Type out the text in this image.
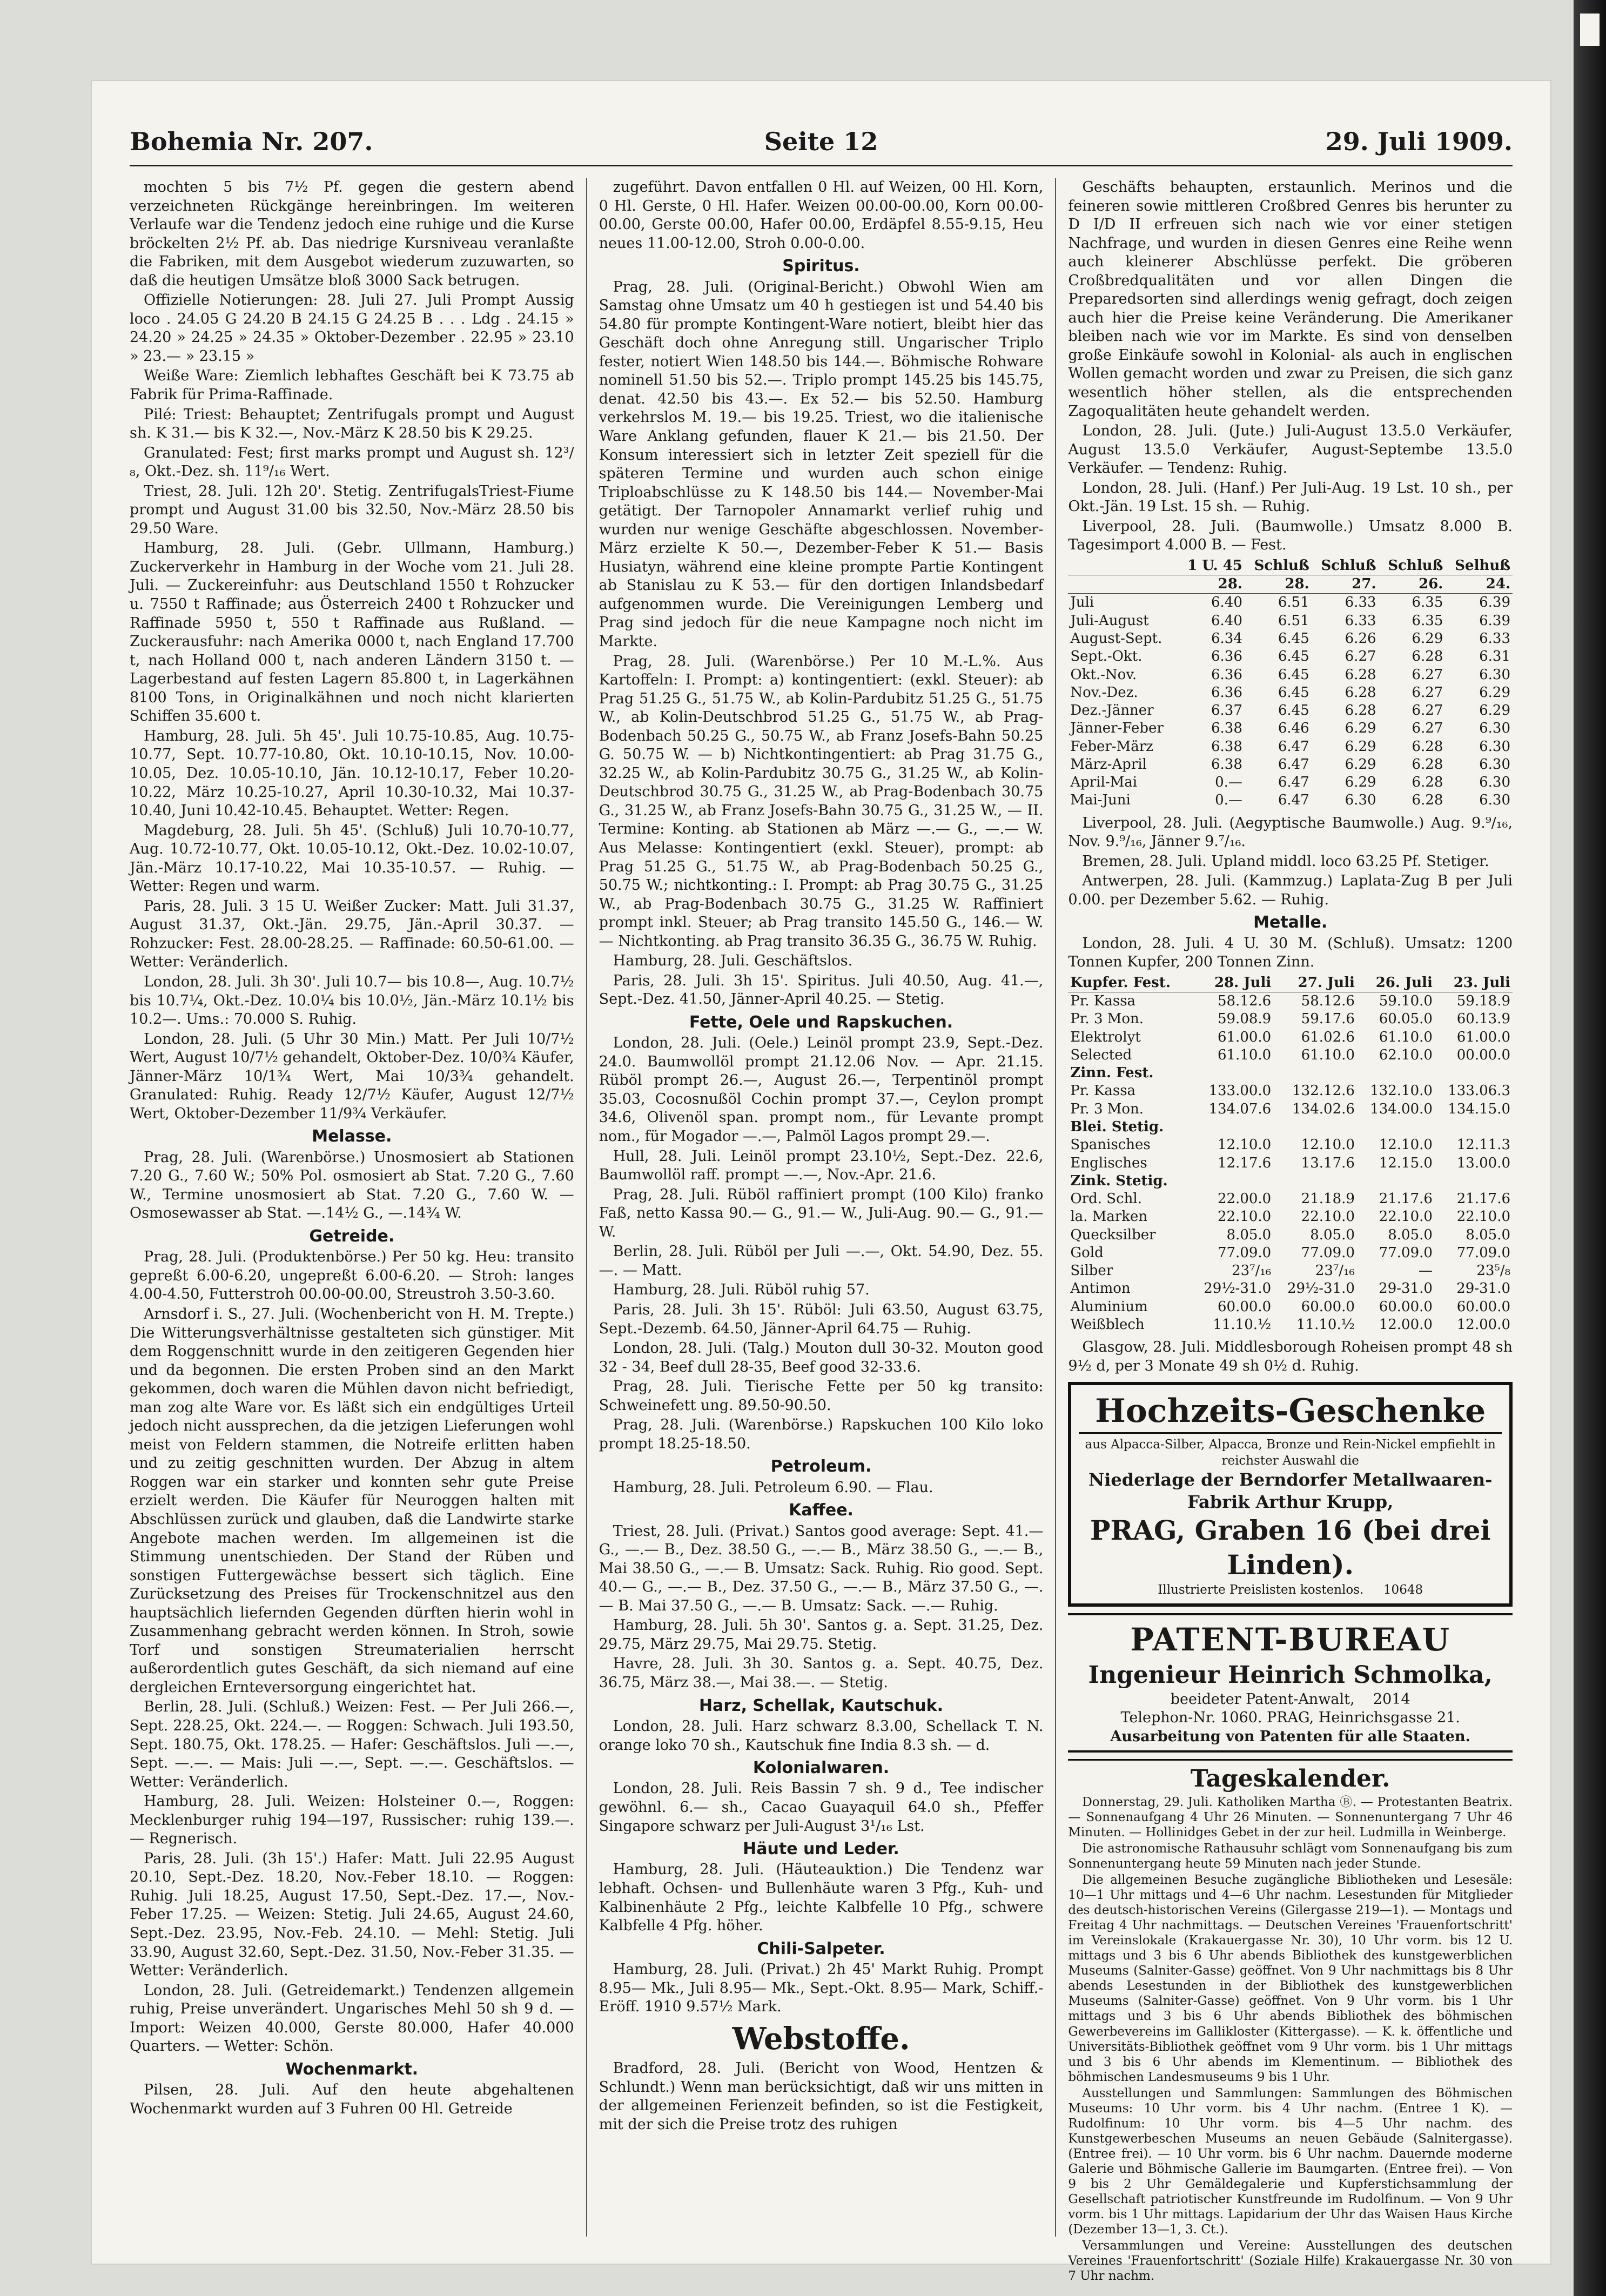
Bohemia Nr. 207.	Seite 12	29. Juli 1909.

mochten 5 bis 7½ Pf. gegen die gestern abend verzeichneten Rückgänge hereinbringen. Im weiteren Verlaufe war die Tendenz jedoch eine ruhige und die Kurse bröckelten 2½ Pf. ab. Das niedrige Kursniveau veranlaßte die Fabriken, mit dem Ausgebot wiederum zuzuwarten, so daß die heutigen Umsätze bloß 3000 Sack betrugen.

Offizielle Notierungen: 28. Juli 27. Juli Prompt Aussig loco . 24.05 G 24.20 B 24.15 G 24.25 B . . . Ldg . 24.15 » 24.20 » 24.25 » 24.35 » Oktober-Dezember . 22.95 » 23.10 » 23.— » 23.15 »

Weiße Ware: Ziemlich lebhaftes Geschäft bei K 73.75 ab Fabrik für Prima-Raffinade.

Pilé: Triest: Behauptet; Zentrifugals prompt und August sh. K 31.— bis K 32.—, Nov.-März K 28.50 bis K 29.25.

Granulated: Fest; first marks prompt und August sh. 12³/₈, Okt.-Dez. sh. 11⁹/₁₆ Wert.

Triest, 28. Juli. 12h 20'. Stetig. ZentrifugalsTriest-Fiume prompt und August 31.00 bis 32.50, Nov.-März 28.50 bis 29.50 Ware.

Hamburg, 28. Juli. (Gebr. Ullmann, Hamburg.) Zuckerverkehr in Hamburg in der Woche vom 21. Juli 28. Juli. — Zuckereinfuhr: aus Deutschland 1550 t Rohzucker u. 7550 t Raffinade; aus Österreich 2400 t Rohzucker und Raffinade 5950 t, 550 t Raffinade aus Rußland. — Zuckerausfuhr: nach Amerika 0000 t, nach England 17.700 t, nach Holland 000 t, nach anderen Ländern 3150 t. — Lagerbestand auf festen Lagern 85.800 t, in Lagerkähnen 8100 Tons, in Originalkähnen und noch nicht klarierten Schiffen 35.600 t.

Hamburg, 28. Juli. 5h 45'. Juli 10.75-10.85, Aug. 10.75-10.77, Sept. 10.77-10.80, Okt. 10.10-10.15, Nov. 10.00-10.05, Dez. 10.05-10.10, Jän. 10.12-10.17, Feber 10.20-10.22, März 10.25-10.27, April 10.30-10.32, Mai 10.37-10.40, Juni 10.42-10.45. Behauptet. Wetter: Regen.

Magdeburg, 28. Juli. 5h 45'. (Schluß) Juli 10.70-10.77, Aug. 10.72-10.77, Okt. 10.05-10.12, Okt.-Dez. 10.02-10.07, Jän.-März 10.17-10.22, Mai 10.35-10.57. — Ruhig. — Wetter: Regen und warm.

Paris, 28. Juli. 3 15 U. Weißer Zucker: Matt. Juli 31.37, August 31.37, Okt.-Jän. 29.75, Jän.-April 30.37. — Rohzucker: Fest. 28.00-28.25. — Raffinade: 60.50-61.00. — Wetter: Veränderlich.

London, 28. Juli. 3h 30'. Juli 10.7— bis 10.8—, Aug. 10.7½ bis 10.7¼, Okt.-Dez. 10.0¼ bis 10.0½, Jän.-März 10.1½ bis 10.2—. Ums.: 70.000 S. Ruhig.

London, 28. Juli. (5 Uhr 30 Min.) Matt. Per Juli 10/7½ Wert, August 10/7½ gehandelt, Oktober-Dez. 10/0¾ Käufer, Jänner-März 10/1¾ Wert, Mai 10/3¾ gehandelt. Granulated: Ruhig. Ready 12/7½ Käufer, August 12/7½ Wert, Oktober-Dezember 11/9¾ Verkäufer.

Melasse.

Prag, 28. Juli. (Warenbörse.) Unosmosiert ab Stationen 7.20 G., 7.60 W.; 50% Pol. osmosiert ab Stat. 7.20 G., 7.60 W., Termine unosmosiert ab Stat. 7.20 G., 7.60 W. — Osmosewasser ab Stat. —.14½ G., —.14¾ W.

Getreide.

Prag, 28. Juli. (Produktenbörse.) Per 50 kg. Heu: transito gepreßt 6.00-6.20, ungepreßt 6.00-6.20. — Stroh: langes 4.00-4.50, Futterstroh 00.00-00.00, Streustroh 3.50-3.60.

Arnsdorf i. S., 27. Juli. (Wochenbericht von H. M. Trepte.) Die Witterungsverhältnisse gestalteten sich günstiger. Mit dem Roggenschnitt wurde in den zeitigeren Gegenden hier und da begonnen. Die ersten Proben sind an den Markt gekommen, doch waren die Mühlen davon nicht befriedigt, man zog alte Ware vor. Es läßt sich ein endgültiges Urteil jedoch nicht aussprechen, da die jetzigen Lieferungen wohl meist von Feldern stammen, die Notreife erlitten haben und zu zeitig geschnitten wurden. Der Abzug in altem Roggen war ein starker und konnten sehr gute Preise erzielt werden. Die Käufer für Neuroggen halten mit Abschlüssen zurück und glauben, daß die Landwirte starke Angebote machen werden. Im allgemeinen ist die Stimmung unentschieden. Der Stand der Rüben und sonstigen Futtergewächse bessert sich täglich. Eine Zurücksetzung des Preises für Trockenschnitzel aus den hauptsächlich liefernden Gegenden dürften hierin wohl in Zusammenhang gebracht werden können. In Stroh, sowie Torf und sonstigen Streumaterialien herrscht außerordentlich gutes Geschäft, da sich niemand auf eine dergleichen Ernteversorgung eingerichtet hat.

Berlin, 28. Juli. (Schluß.) Weizen: Fest. — Per Juli 266.—, Sept. 228.25, Okt. 224.—. — Roggen: Schwach. Juli 193.50, Sept. 180.75, Okt. 178.25. — Hafer: Geschäftslos. Juli —.—, Sept. —.—. — Mais: Juli —.—, Sept. —.—. Geschäftslos. — Wetter: Veränderlich.

Hamburg, 28. Juli. Weizen: Holsteiner 0.—, Roggen: Mecklenburger ruhig 194—197, Russischer: ruhig 139.—. — Regnerisch.

Paris, 28. Juli. (3h 15'.) Hafer: Matt. Juli 22.95 August 20.10, Sept.-Dez. 18.20, Nov.-Feber 18.10. — Roggen: Ruhig. Juli 18.25, August 17.50, Sept.-Dez. 17.—, Nov.-Feber 17.25. — Weizen: Stetig. Juli 24.65, August 24.60, Sept.-Dez. 23.95, Nov.-Feb. 24.10. — Mehl: Stetig. Juli 33.90, August 32.60, Sept.-Dez. 31.50, Nov.-Feber 31.35. — Wetter: Veränderlich.

London, 28. Juli. (Getreidemarkt.) Tendenzen allgemein ruhig, Preise unverändert. Ungarisches Mehl 50 sh 9 d. — Import: Weizen 40.000, Gerste 80.000, Hafer 40.000 Quarters. — Wetter: Schön.

Wochenmarkt.

Pilsen, 28. Juli. Auf den heute abgehaltenen Wochenmarkt wurden auf 3 Fuhren 00 Hl. Getreide

zugeführt. Davon entfallen 0 Hl. auf Weizen, 00 Hl. Korn, 0 Hl. Gerste, 0 Hl. Hafer. Weizen 00.00-00.00, Korn 00.00-00.00, Gerste 00.00, Hafer 00.00, Erdäpfel 8.55-9.15, Heu neues 11.00-12.00, Stroh 0.00-0.00.

Spiritus.

Prag, 28. Juli. (Original-Bericht.) Obwohl Wien am Samstag ohne Umsatz um 40 h gestiegen ist und 54.40 bis 54.80 für prompte Kontingent-Ware notiert, bleibt hier das Geschäft doch ohne Anregung still. Ungarischer Triplo fester, notiert Wien 148.50 bis 144.—. Böhmische Rohware nominell 51.50 bis 52.—. Triplo prompt 145.25 bis 145.75, denat. 42.50 bis 43.—. Ex 52.— bis 52.50. Hamburg verkehrslos M. 19.— bis 19.25. Triest, wo die italienische Ware Anklang gefunden, flauer K 21.— bis 21.50. Der Konsum interessiert sich in letzter Zeit speziell für die späteren Termine und wurden auch schon einige Triploabschlüsse zu K 148.50 bis 144.— November-Mai getätigt. Der Tarnopoler Annamarkt verlief ruhig und wurden nur wenige Geschäfte abgeschlossen. November-März erzielte K 50.—, Dezember-Feber K 51.— Basis Husiatyn, während eine kleine prompte Partie Kontingent ab Stanislau zu K 53.— für den dortigen Inlandsbedarf aufgenommen wurde. Die Vereinigungen Lemberg und Prag sind jedoch für die neue Kampagne noch nicht im Markte.

Prag, 28. Juli. (Warenbörse.) Per 10 M.-L.%. Aus Kartoffeln: I. Prompt: a) kontingentiert: (exkl. Steuer): ab Prag 51.25 G., 51.75 W., ab Kolin-Pardubitz 51.25 G., 51.75 W., ab Kolin-Deutschbrod 51.25 G., 51.75 W., ab Prag-Bodenbach 50.25 G., 50.75 W., ab Franz Josefs-Bahn 50.25 G. 50.75 W. — b) Nichtkontingentiert: ab Prag 31.75 G., 32.25 W., ab Kolin-Pardubitz 30.75 G., 31.25 W., ab Kolin-Deutschbrod 30.75 G., 31.25 W., ab Prag-Bodenbach 30.75 G., 31.25 W., ab Franz Josefs-Bahn 30.75 G., 31.25 W., — II. Termine: Konting. ab Stationen ab März —.— G., —.— W. Aus Melasse: Kontingentiert (exkl. Steuer), prompt: ab Prag 51.25 G., 51.75 W., ab Prag-Bodenbach 50.25 G., 50.75 W.; nichtkonting.: I. Prompt: ab Prag 30.75 G., 31.25 W., ab Prag-Bodenbach 30.75 G., 31.25 W. Raffiniert prompt inkl. Steuer; ab Prag transito 145.50 G., 146.— W. — Nichtkonting. ab Prag transito 36.35 G., 36.75 W. Ruhig.

Hamburg, 28. Juli. Geschäftslos.

Paris, 28. Juli. 3h 15'. Spiritus. Juli 40.50, Aug. 41.—, Sept.-Dez. 41.50, Jänner-April 40.25. — Stetig.

Fette, Oele und Rapskuchen.

London, 28. Juli. (Oele.) Leinöl prompt 23.9, Sept.-Dez. 24.0. Baumwollöl prompt 21.12.06 Nov. — Apr. 21.15. Rüböl prompt 26.—, August 26.—, Terpentinöl prompt 35.03, Cocosnußöl Cochin prompt 37.—, Ceylon prompt 34.6, Olivenöl span. prompt nom., für Levante prompt nom., für Mogador —.—, Palmöl Lagos prompt 29.—.

Hull, 28. Juli. Leinöl prompt 23.10½, Sept.-Dez. 22.6, Baumwollöl raff. prompt —.—, Nov.-Apr. 21.6.

Prag, 28. Juli. Rüböl raffiniert prompt (100 Kilo) franko Faß, netto Kassa 90.— G., 91.— W., Juli-Aug. 90.— G., 91.— W.

Berlin, 28. Juli. Rüböl per Juli —.—, Okt. 54.90, Dez. 55.—. — Matt.

Hamburg, 28. Juli. Rüböl ruhig 57.

Paris, 28. Juli. 3h 15'. Rüböl: Juli 63.50, August 63.75, Sept.-Dezemb. 64.50, Jänner-April 64.75 — Ruhig.

London, 28. Juli. (Talg.) Mouton dull 30-32. Mouton good 32 - 34, Beef dull 28-35, Beef good 32-33.6.

Prag, 28. Juli. Tierische Fette per 50 kg transito: Schweinefett ung. 89.50-90.50.

Prag, 28. Juli. (Warenbörse.) Rapskuchen 100 Kilo loko prompt 18.25-18.50.

Petroleum.

Hamburg, 28. Juli. Petroleum 6.90. — Flau.

Kaffee.

Triest, 28. Juli. (Privat.) Santos good average: Sept. 41.— G., —.— B., Dez. 38.50 G., —.— B., März 38.50 G., —.— B., Mai 38.50 G., —.— B. Umsatz: Sack. Ruhig. Rio good. Sept. 40.— G., —.— B., Dez. 37.50 G., —.— B., März 37.50 G., —.— B. Mai 37.50 G., —.— B. Umsatz: Sack. —.— Ruhig.

Hamburg, 28. Juli. 5h 30'. Santos g. a. Sept. 31.25, Dez. 29.75, März 29.75, Mai 29.75. Stetig.

Havre, 28. Juli. 3h 30. Santos g. a. Sept. 40.75, Dez. 36.75, März 38.—, Mai 38.—. — Stetig.

Harz, Schellak, Kautschuk.

London, 28. Juli. Harz schwarz 8.3.00, Schellack T. N. orange loko 70 sh., Kautschuk fine India 8.3 sh. — d.

Kolonialwaren.

London, 28. Juli. Reis Bassin 7 sh. 9 d., Tee indischer gewöhnl. 6.— sh., Cacao Guayaquil 64.0 sh., Pfeffer Singapore schwarz per Juli-August 3¹/₁₆ Lst.

Häute und Leder.

Hamburg, 28. Juli. (Häuteauktion.) Die Tendenz war lebhaft. Ochsen- und Bullenhäute waren 3 Pfg., Kuh- und Kalbinenhäute 2 Pfg., leichte Kalbfelle 10 Pfg., schwere Kalbfelle 4 Pfg. höher.

Chili-Salpeter.

Hamburg, 28. Juli. (Privat.) 2h 45' Markt Ruhig. Prompt 8.95— Mk., Juli 8.95— Mk., Sept.-Okt. 8.95— Mark, Schiff.-Eröff. 1910 9.57½ Mark.

Webstoffe.

Bradford, 28. Juli. (Bericht von Wood, Hentzen & Schlundt.) Wenn man berücksichtigt, daß wir uns mitten in der allgemeinen Ferienzeit befinden, so ist die Festigkeit, mit der sich die Preise trotz des ruhigen

Geschäfts behaupten, erstaunlich. Merinos und die feineren sowie mittleren Croßbred Genres bis herunter zu D I/D II erfreuen sich nach wie vor einer stetigen Nachfrage, und wurden in diesen Genres eine Reihe wenn auch kleinerer Abschlüsse perfekt. Die gröberen Croßbredqualitäten und vor allen Dingen die Preparedsorten sind allerdings wenig gefragt, doch zeigen auch hier die Preise keine Veränderung. Die Amerikaner bleiben nach wie vor im Markte. Es sind von denselben große Einkäufe sowohl in Kolonial- als auch in englischen Wollen gemacht worden und zwar zu Preisen, die sich ganz wesentlich höher stellen, als die entsprechenden Zagoqualitäten heute gehandelt werden.

London, 28. Juli. (Jute.) Juli-August 13.5.0 Verkäufer, August 13.5.0 Verkäufer, August-Septembe 13.5.0 Verkäufer. — Tendenz: Ruhig.

London, 28. Juli. (Hanf.) Per Juli-Aug. 19 Lst. 10 sh., per Okt.-Jän. 19 Lst. 15 sh. — Ruhig.

Liverpool, 28. Juli. (Baumwolle.) Umsatz 8.000 B. Tagesimport 4.000 B. — Fest.

	1 U. 45	Schluß	Schluß	Schluß	Selhuß
	28.	28.	27.	26.	24.
Juli	6.40	6.51	6.33	6.35	6.39
Juli-August	6.40	6.51	6.33	6.35	6.39
August-Sept.	6.34	6.45	6.26	6.29	6.33
Sept.-Okt.	6.36	6.45	6.27	6.28	6.31
Okt.-Nov.	6.36	6.45	6.28	6.27	6.30
Nov.-Dez.	6.36	6.45	6.28	6.27	6.29
Dez.-Jänner	6.37	6.45	6.28	6.27	6.29
Jänner-Feber	6.38	6.46	6.29	6.27	6.30
Feber-März	6.38	6.47	6.29	6.28	6.30
März-April	6.38	6.47	6.29	6.28	6.30
April-Mai	0.—	6.47	6.29	6.28	6.30
Mai-Juni	0.—	6.47	6.30	6.28	6.30

Liverpool, 28. Juli. (Aegyptische Baumwolle.) Aug. 9.⁹/₁₆, Nov. 9.⁹/₁₆, Jänner 9.⁷/₁₆.

Bremen, 28. Juli. Upland middl. loco 63.25 Pf. Stetiger.

Antwerpen, 28. Juli. (Kammzug.) Laplata-Zug B per Juli 0.00. per Dezember 5.62. — Ruhig.

Metalle.

London, 28. Juli. 4 U. 30 M. (Schluß). Umsatz: 1200 Tonnen Kupfer, 200 Tonnen Zinn.

Kupfer. Fest.	28. Juli	27. Juli	26. Juli	23. Juli
Pr. Kassa	58.12.6	58.12.6	59.10.0	59.18.9
Pr. 3 Mon.	59.08.9	59.17.6	60.05.0	60.13.9
Elektrolyt	61.00.0	61.02.6	61.10.0	61.00.0
Selected	61.10.0	61.10.0	62.10.0	00.00.0
Zinn. Fest.				
Pr. Kassa	133.00.0	132.12.6	132.10.0	133.06.3
Pr. 3 Mon.	134.07.6	134.02.6	134.00.0	134.15.0
Blei. Stetig.				
Spanisches	12.10.0	12.10.0	12.10.0	12.11.3
Englisches	12.17.6	13.17.6	12.15.0	13.00.0
Zink. Stetig.				
Ord. Schl.	22.00.0	21.18.9	21.17.6	21.17.6
la. Marken	22.10.0	22.10.0	22.10.0	22.10.0
Quecksilber	8.05.0	8.05.0	8.05.0	8.05.0
Gold	77.09.0	77.09.0	77.09.0	77.09.0
Silber	23⁷/₁₆	23⁷/₁₆	—	23⁵/₈
Antimon	29½-31.0	29½-31.0	29-31.0	29-31.0
Aluminium	60.00.0	60.00.0	60.00.0	60.00.0
Weißblech	11.10.½	11.10.½	12.00.0	12.00.0

Glasgow, 28. Juli. Middlesborough Roheisen prompt 48 sh 9½ d, per 3 Monate 49 sh 0½ d. Ruhig.

Hochzeits-Geschenke
aus Alpacca-Silber, Alpacca, Bronze und Rein-Nickel empfiehlt in reichster Auswahl die
Niederlage der Berndorfer Metallwaaren-Fabrik Arthur Krupp,
PRAG, Graben 16 (bei drei Linden).
Illustrierte Preislisten kostenlos. 10648
PATENT-BUREAU
Ingenieur Heinrich Schmolka,
beeideter Patent-Anwalt, 2014
Telephon-Nr. 1060. PRAG, Heinrichsgasse 21.
Ausarbeitung von Patenten für alle Staaten.
Tageskalender.

Donnerstag, 29. Juli. Katholiken Martha Ⓑ. — Protestanten Beatrix. — Sonnenaufgang 4 Uhr 26 Minuten. — Sonnenuntergang 7 Uhr 46 Minuten. — Hollinidges Gebet in der zur heil. Ludmilla in Weinberge.

Die astronomische Rathausuhr schlägt vom Sonnenaufgang bis zum Sonnenuntergang heute 59 Minuten nach jeder Stunde.

Die allgemeinen Besuche zugängliche Bibliotheken und Lesesäle: 10—1 Uhr mittags und 4—6 Uhr nachm. Lesestunden für Mitglieder des deutsch-historischen Vereins (Gilergasse 219—1). — Montags und Freitag 4 Uhr nachmittags. — Deutschen Vereines 'Frauenfortschritt' im Vereinslokale (Krakauergasse Nr. 30), 10 Uhr vorm. bis 12 U. mittags und 3 bis 6 Uhr abends Bibliothek des kunstgewerblichen Museums (Salniter-Gasse) geöffnet. Von 9 Uhr nachmittags bis 8 Uhr abends Lesestunden in der Bibliothek des kunstgewerblichen Museums (Salniter-Gasse) geöffnet. Von 9 Uhr vorm. bis 1 Uhr mittags und 3 bis 6 Uhr abends Bibliothek des böhmischen Gewerbevereins im Gallikloster (Kittergasse). — K. k. öffentliche und Universitäts-Bibliothek geöffnet vom 9 Uhr vorm. bis 1 Uhr mittags und 3 bis 6 Uhr abends im Klementinum. — Bibliothek des böhmischen Landesmuseums 9 bis 1 Uhr.

Ausstellungen und Sammlungen: Sammlungen des Böhmischen Museums: 10 Uhr vorm. bis 4 Uhr nachm. (Entree 1 K). — Rudolfinum: 10 Uhr vorm. bis 4—5 Uhr nachm. des Kunstgewerbeschen Museums an neuen Gebäude (Salnitergasse). (Entree frei). — 10 Uhr vorm. bis 6 Uhr nachm. Dauernde moderne Galerie und Böhmische Gallerie im Baumgarten. (Entree frei). — Von 9 bis 2 Uhr Gemäldegalerie und Kupferstichsammlung der Gesellschaft patriotischer Kunstfreunde im Rudolfinum. — Von 9 Uhr vorm. bis 1 Uhr mittags. Lapidarium der Uhr das Waisen Haus Kirche (Dezember 13—1, 3. Ct.).

Versammlungen und Vereine: Ausstellungen des deutschen Vereines 'Frauenfortschritt' (Soziale Hilfe) Krakauergasse Nr. 30 von 7 Uhr nachm.
